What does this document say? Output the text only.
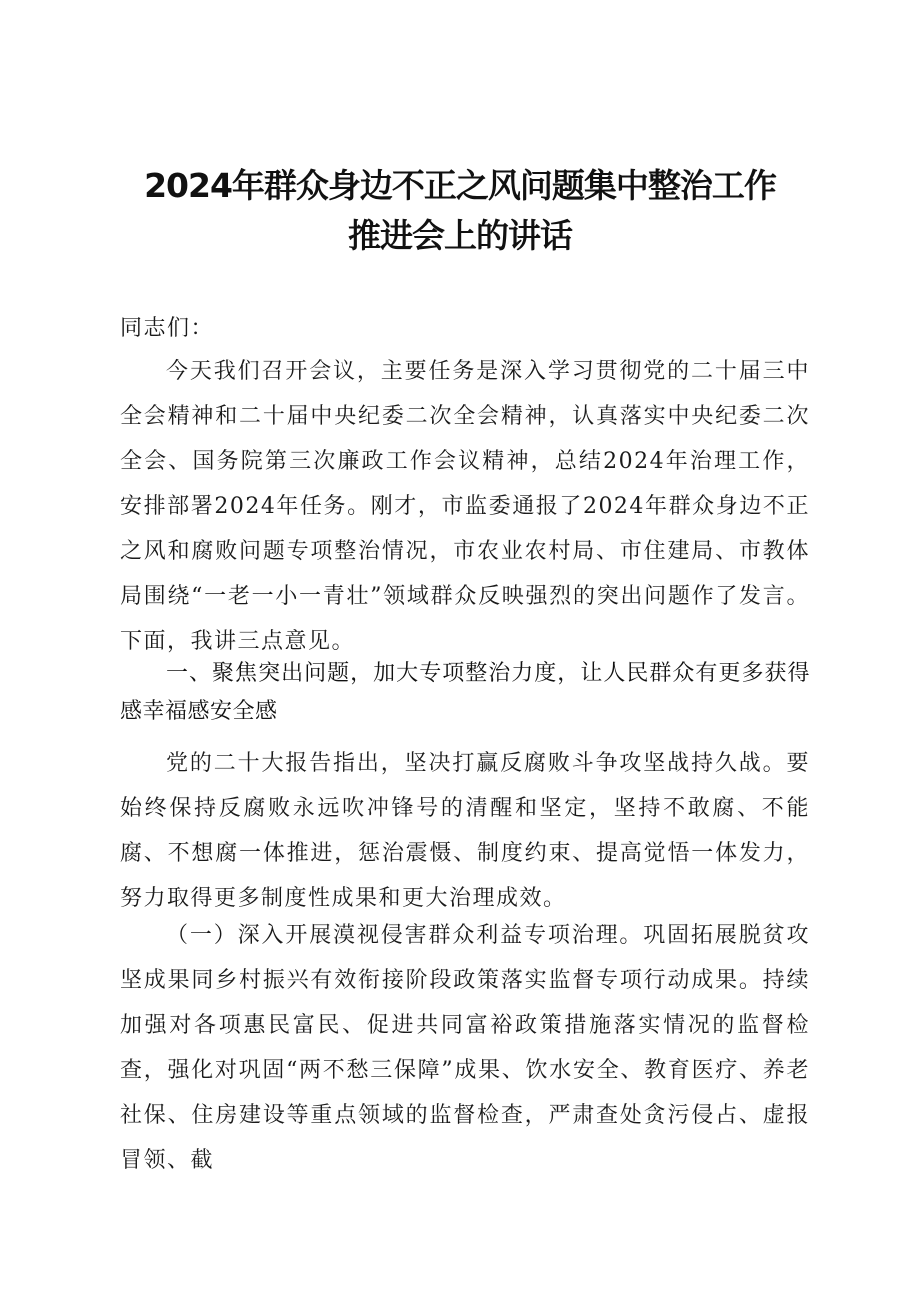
2024年群众身边不正之风问题集中整治工作
推进会上的讲话
同志们：
今天我们召开会议，主要任务是深入学习贯彻党的二十届三中全会精神和二十届中央纪委二次全会精神，认真落实中央纪委二次全会、国务院第三次廉政工作会议精神，总结2024年治理工作，安排部署2024年任务。刚才，市监委通报了2024年群众身边不正之风和腐败问题专项整治情况，市农业农村局、市住建局、市教体局围绕“一老一小一青壮”领域群众反映强烈的突出问题作了发言。下面，我讲三点意见。
一、聚焦突出问题，加大专项整治力度，让人民群众有更多获得感幸福感安全感
党的二十大报告指出，坚决打赢反腐败斗争攻坚战持久战。要始终保持反腐败永远吹冲锋号的清醒和坚定，坚持不敢腐、不能腐、不想腐一体推进，惩治震慑、制度约束、提高觉悟一体发力，努力取得更多制度性成果和更大治理成效。
（一）深入开展漠视侵害群众利益专项治理。巩固拓展脱贫攻坚成果同乡村振兴有效衔接阶段政策落实监督专项行动成果。持续加强对各项惠民富民、促进共同富裕政策措施落实情况的监督检查，强化对巩固“两不愁三保障”成果、饮水安全、教育医疗、养老社保、住房建设等重点领域的监督检查，严肃查处贪污侵占、虚报冒领、截
